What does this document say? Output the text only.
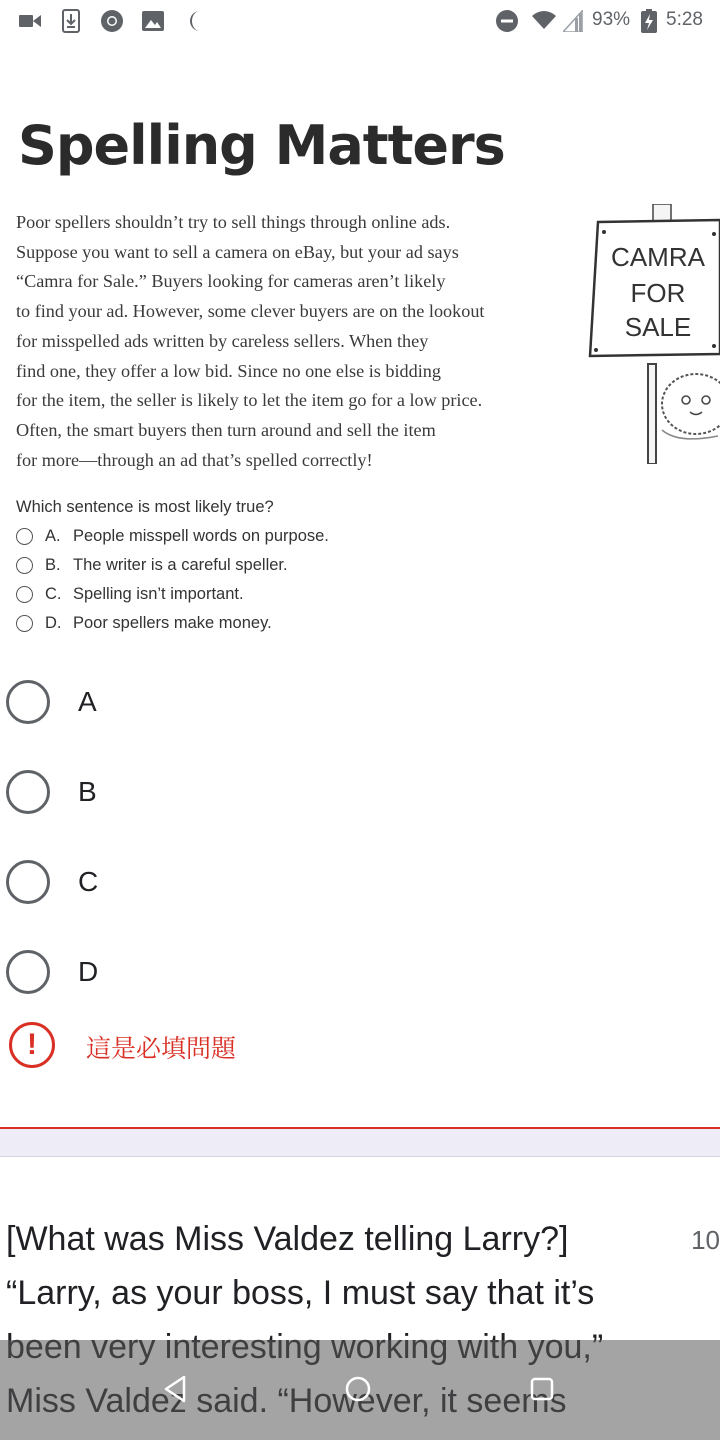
93% 5:28
Spelling Matters
Poor spellers shouldn’t try to sell things through online ads.
Suppose you want to sell a camera on eBay, but your ad says
“Camra for Sale.” Buyers looking for cameras aren’t likely
to find your ad. However, some clever buyers are on the lookout
for misspelled ads written by careless sellers. When they
find one, they offer a low bid. Since no one else is bidding
for the item, the seller is likely to let the item go for a low price.
Often, the smart buyers then turn around and sell the item
for more—through an ad that’s spelled correctly!
CAMRA
FOR
SALE
Which sentence is most likely true?
A. People misspell words on purpose.
B. The writer is a careful speller.
C. Spelling isn’t important.
D. Poor spellers make money.
A
B
C
D
!	這是必填問題
[What was Miss Valdez telling Larry?]
“Larry, as your boss, I must say that it’s
10
